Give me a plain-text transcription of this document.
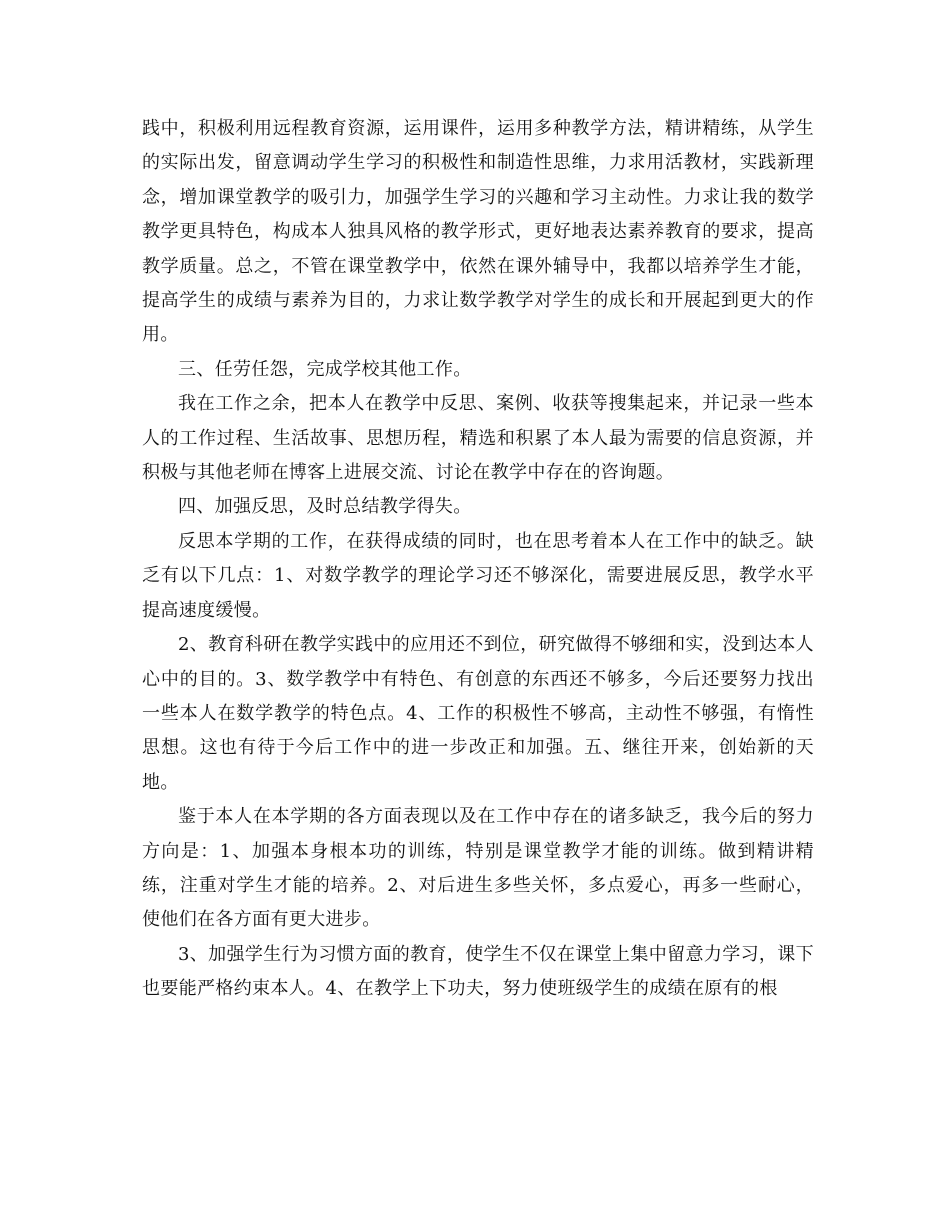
践中，积极利用远程教育资源，运用课件，运用多种教学方法，精讲精练，从学生的实际出发，留意调动学生学习的积极性和制造性思维，力求用活教材，实践新理念，增加课堂教学的吸引力，加强学生学习的兴趣和学习主动性。力求让我的数学教学更具特色，构成本人独具风格的教学形式，更好地表达素养教育的要求，提高教学质量。总之，不管在课堂教学中，依然在课外辅导中，我都以培养学生才能，提高学生的成绩与素养为目的，力求让数学教学对学生的成长和开展起到更大的作用。

三、任劳任怨，完成学校其他工作。

我在工作之余，把本人在教学中反思、案例、收获等搜集起来，并记录一些本人的工作过程、生活故事、思想历程，精选和积累了本人最为需要的信息资源，并积极与其他老师在博客上进展交流、讨论在教学中存在的咨询题。

四、加强反思，及时总结教学得失。

反思本学期的工作，在获得成绩的同时，也在思考着本人在工作中的缺乏。缺乏有以下几点：1、对数学教学的理论学习还不够深化，需要进展反思，教学水平提高速度缓慢。

2、教育科研在教学实践中的应用还不到位，研究做得不够细和实，没到达本人心中的目的。3、数学教学中有特色、有创意的东西还不够多，今后还要努力找出一些本人在数学教学的特色点。4、工作的积极性不够高，主动性不够强，有惰性思想。这也有待于今后工作中的进一步改正和加强。五、继往开来，创始新的天地。

鉴于本人在本学期的各方面表现以及在工作中存在的诸多缺乏，我今后的努力方向是：1、加强本身根本功的训练，特别是课堂教学才能的训练。做到精讲精练，注重对学生才能的培养。2、对后进生多些关怀，多点爱心，再多一些耐心，使他们在各方面有更大进步。

3、加强学生行为习惯方面的教育，使学生不仅在课堂上集中留意力学习，课下也要能严格约束本人。4、在教学上下功夫，努力使班级学生的成绩在原有的根
